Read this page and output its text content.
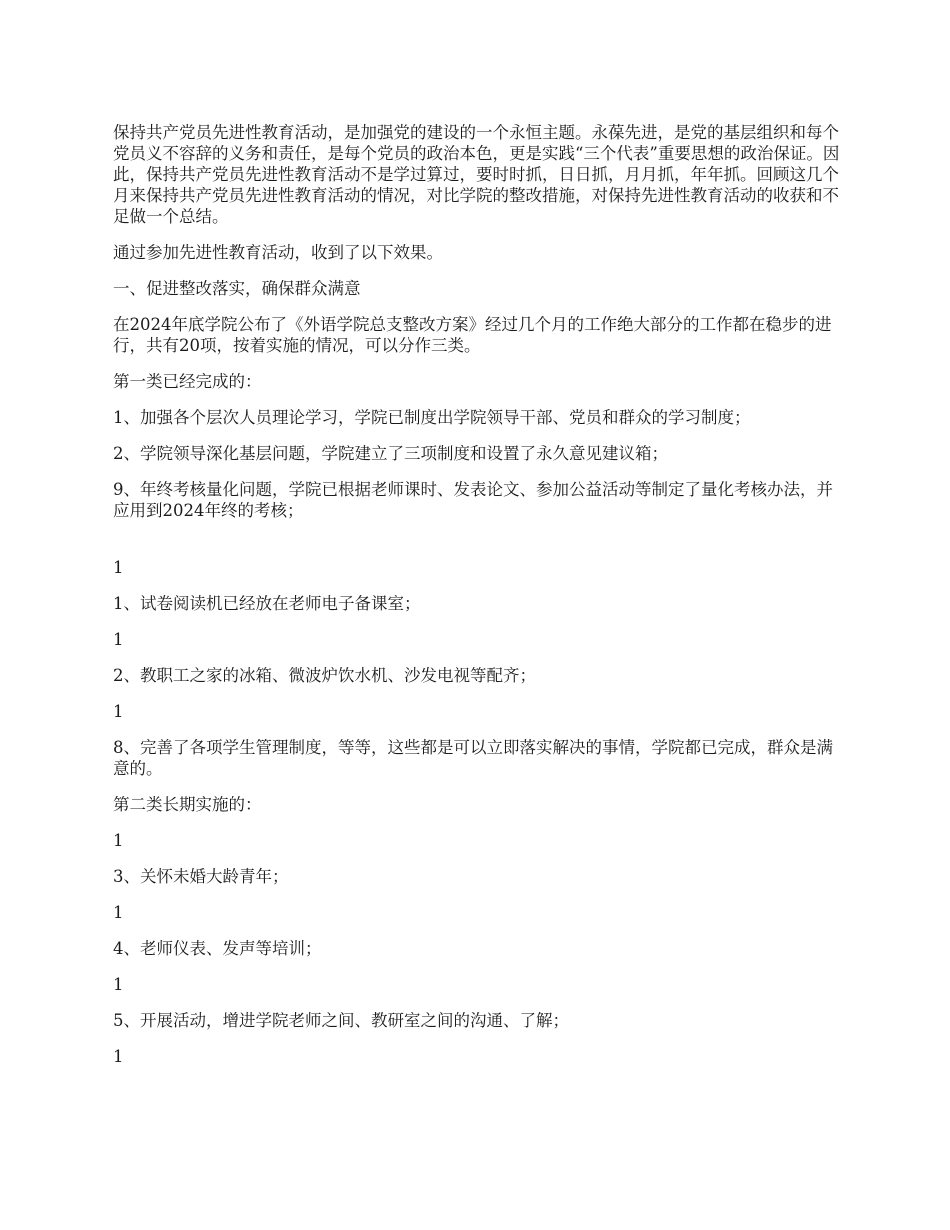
保持共产党员先进性教育活动，是加强党的建设的一个永恒主题。永葆先进，是党的基层组织和每个党员义不容辞的义务和责任，是每个党员的政治本色，更是实践“三个代表”重要思想的政治保证。因此，保持共产党员先进性教育活动不是学过算过，要时时抓，日日抓，月月抓，年年抓。回顾这几个月来保持共产党员先进性教育活动的情况，对比学院的整改措施，对保持先进性教育活动的收获和不足做一个总结。

通过参加先进性教育活动，收到了以下效果。

一、促进整改落实，确保群众满意

在2024年底学院公布了《外语学院总支整改方案》经过几个月的工作绝大部分的工作都在稳步的进行，共有20项，按着实施的情况，可以分作三类。

第一类已经完成的：

1、加强各个层次人员理论学习，学院已制度出学院领导干部、党员和群众的学习制度；

2、学院领导深化基层问题，学院建立了三项制度和设置了永久意见建议箱；

9、年终考核量化问题，学院已根据老师课时、发表论文、参加公益活动等制定了量化考核办法，并应用到2024年终的考核；

1

1、试卷阅读机已经放在老师电子备课室；

1

2、教职工之家的冰箱、微波炉饮水机、沙发电视等配齐；

1

8、完善了各项学生管理制度，等等，这些都是可以立即落实解决的事情，学院都已完成，群众是满意的。

第二类长期实施的：

1

3、关怀未婚大龄青年；

1

4、老师仪表、发声等培训；

1

5、开展活动，增进学院老师之间、教研室之间的沟通、了解；

1
